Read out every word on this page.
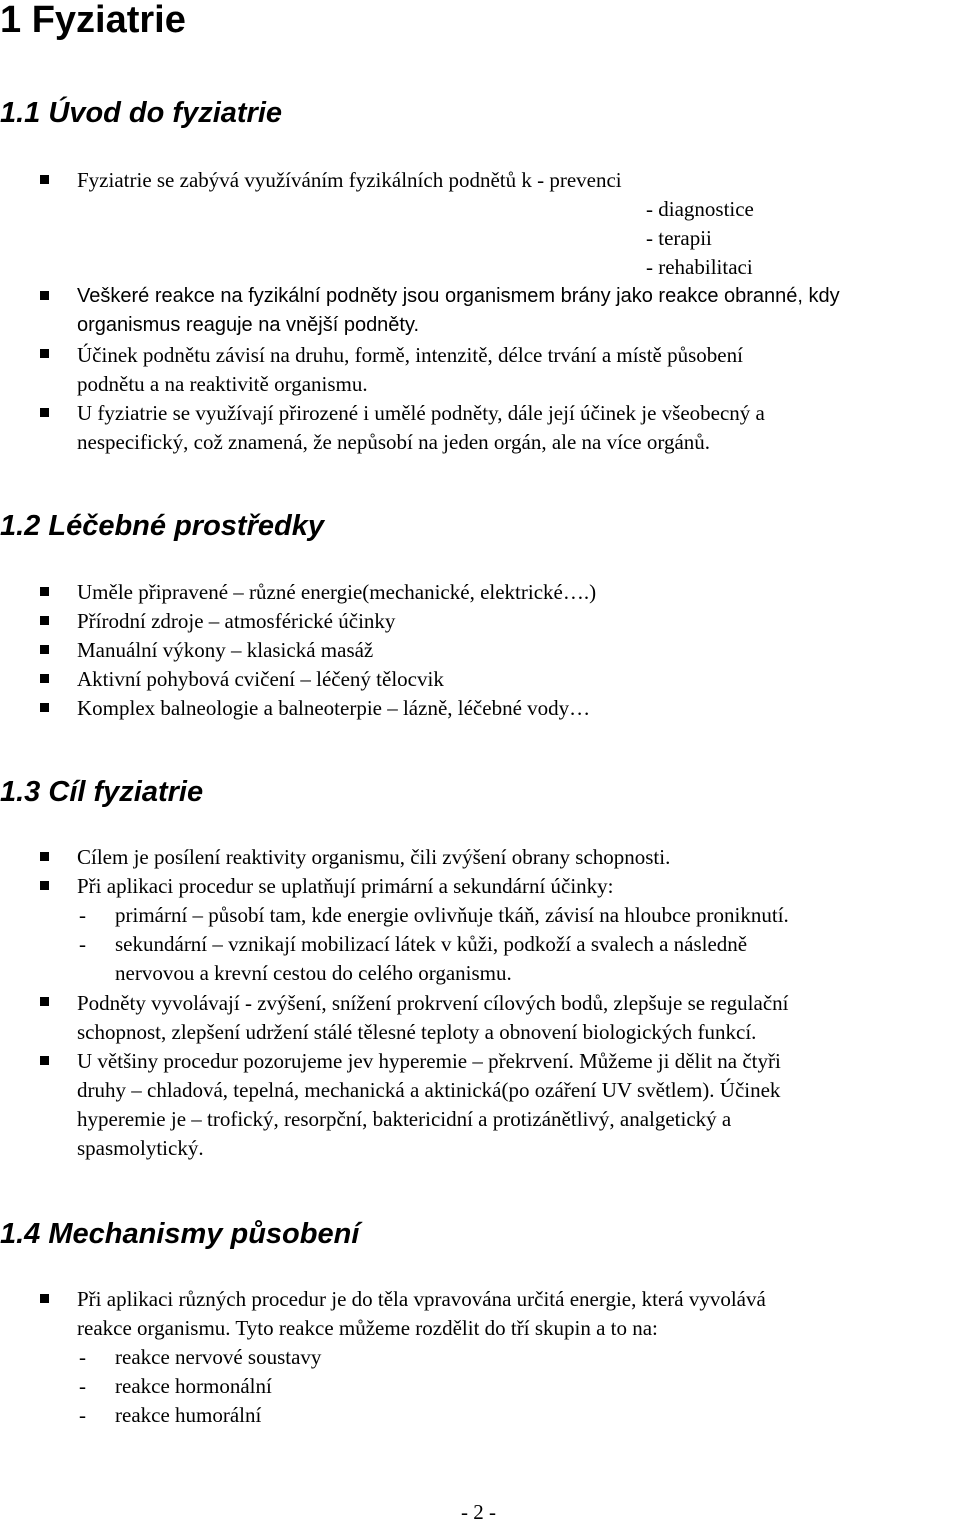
1 Fyziatrie
1.1 Úvod do fyziatrie
Fyziatrie se zabývá využíváním fyzikálních podnětů k - prevenci
- diagnostice
- terapii
- rehabilitaci
Veškeré reakce na fyzikální podněty jsou organismem brány jako reakce obranné, kdy
organismus reaguje na vnější podněty.
Účinek podnětu závisí na druhu, formě, intenzitě, délce trvání a místě působení
podnětu a na reaktivitě organismu.
U fyziatrie se využívají přirozené i umělé podněty, dále její účinek je všeobecný a
nespecifický, což znamená, že nepůsobí na jeden orgán, ale na více orgánů.
1.2 Léčebné prostředky
Uměle připravené – různé energie(mechanické, elektrické….)
Přírodní zdroje – atmosférické účinky
Manuální výkony – klasická masáž
Aktivní pohybová cvičení – léčený tělocvik
Komplex balneologie a balneoterpie – lázně, léčebné vody…
1.3 Cíl fyziatrie
Cílem je posílení reaktivity organismu, čili zvýšení obrany schopnosti.
Při aplikaci procedur se uplatňují primární a sekundární účinky:
- primární – působí tam, kde energie ovlivňuje tkáň, závisí na hloubce proniknutí.
- sekundární – vznikají mobilizací látek v kůži, podkoží a svalech a následně
nervovou a krevní cestou do celého organismu.
Podněty vyvolávají - zvýšení, snížení prokrvení cílových bodů, zlepšuje se regulační
schopnost, zlepšení udržení stálé tělesné teploty a obnovení biologických funkcí.
U většiny procedur pozorujeme jev hyperemie – překrvení. Můžeme ji dělit na čtyři
druhy – chladová, tepelná, mechanická a aktinická(po ozáření UV světlem). Účinek
hyperemie je – trofický, resorpční, baktericidní a protizánětlivý, analgetický a
spasmolytický.
1.4 Mechanismy působení
Při aplikaci různých procedur je do těla vpravována určitá energie, která vyvolává
reakce organismu. Tyto reakce můžeme rozdělit do tří skupin a to na:
- reakce nervové soustavy
- reakce hormonální
- reakce humorální
- 2 -
